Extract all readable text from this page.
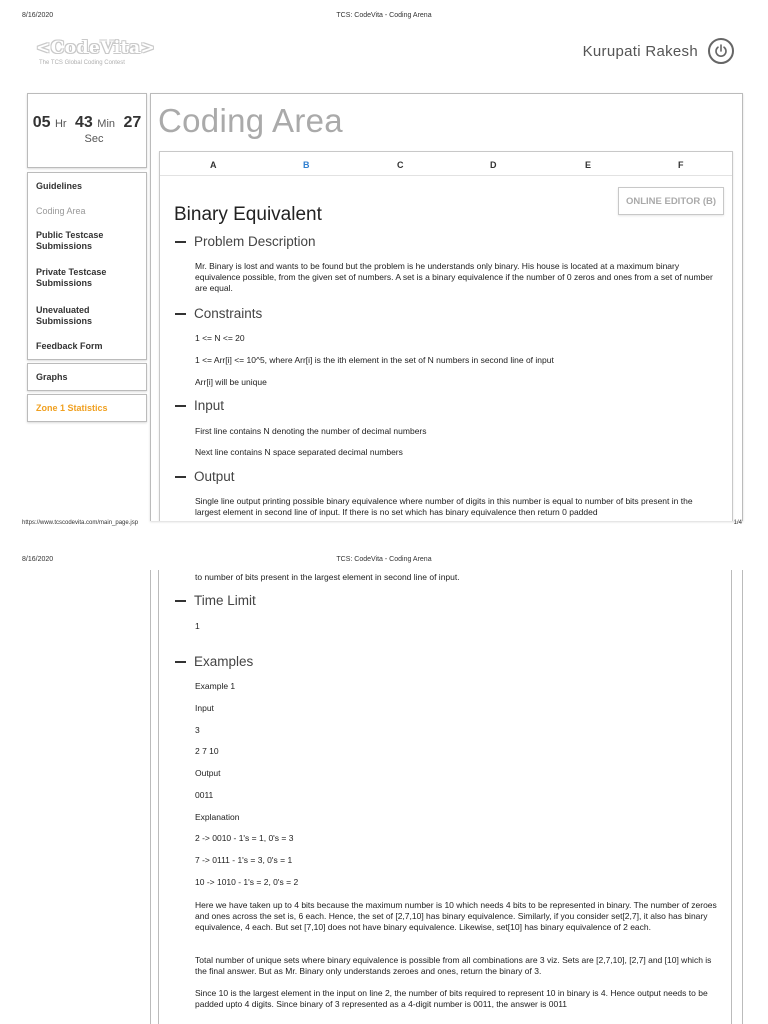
8/16/2020	TCS: CodeVita - Coding Arena
<CodeVita>
The TCS Global Coding Contest
Kurupati Rakesh
05 Hr 43 Min 27
Sec
Guidelines
Coding Area
Public Testcase Submissions
Private Testcase Submissions
Unevaluated Submissions
Feedback Form
Graphs
Zone 1 Statistics
Coding Area
A	B	C	D	E	F
ONLINE EDITOR (B)
Binary Equivalent
Problem Description
Mr. Binary is lost and wants to be found but the problem is he understands only binary. His house is located at a maximum binary equivalence possible, from the given set of numbers. A set is a binary equivalence if the number of 0 zeros and ones from a set of number are equal.
Constraints
1 <= N <= 20
1 <= Arr[i] <= 10^5, where Arr[i] is the ith element in the set of N numbers in second line of input
Arr[i] will be unique
Input
First line contains N denoting the number of decimal numbers
Next line contains N space separated decimal numbers
Output
Single line output printing possible binary equivalence where number of digits in this number is equal to number of bits present in the largest element in second line of input. If there is no set which has binary equivalence then return 0 padded
https://www.tcscodevita.com/main_page.jsp	1/4
8/16/2020	TCS: CodeVita - Coding Arena
to number of bits present in the largest element in second line of input.
Time Limit
1
Examples
Example 1
Input
3
2 7 10
Output
0011
Explanation
2 -> 0010 - 1's = 1, 0's = 3
7 -> 0111 - 1's = 3, 0's = 1
10 -> 1010 - 1's = 2, 0's = 2
Here we have taken up to 4 bits because the maximum number is 10 which needs 4 bits to be represented in binary. The number of zeroes and ones across the set is, 6 each. Hence, the set of [2,7,10] has binary equivalence. Similarly, if you consider set[2,7], it also has binary equivalence, 4 each. But set [7,10] does not have binary equivalence. Likewise, set[10] has binary equivalence of 2 each.
Total number of unique sets where binary equivalence is possible from all combinations are 3 viz. Sets are [2,7,10], [2,7] and [10] which is the final answer. But as Mr. Binary only understands zeroes and ones, return the binary of 3.
Since 10 is the largest element in the input on line 2, the number of bits required to represent 10 in binary is 4. Hence output needs to be padded upto 4 digits. Since binary of 3 represented as a 4-digit number is 0011, the answer is 0011
